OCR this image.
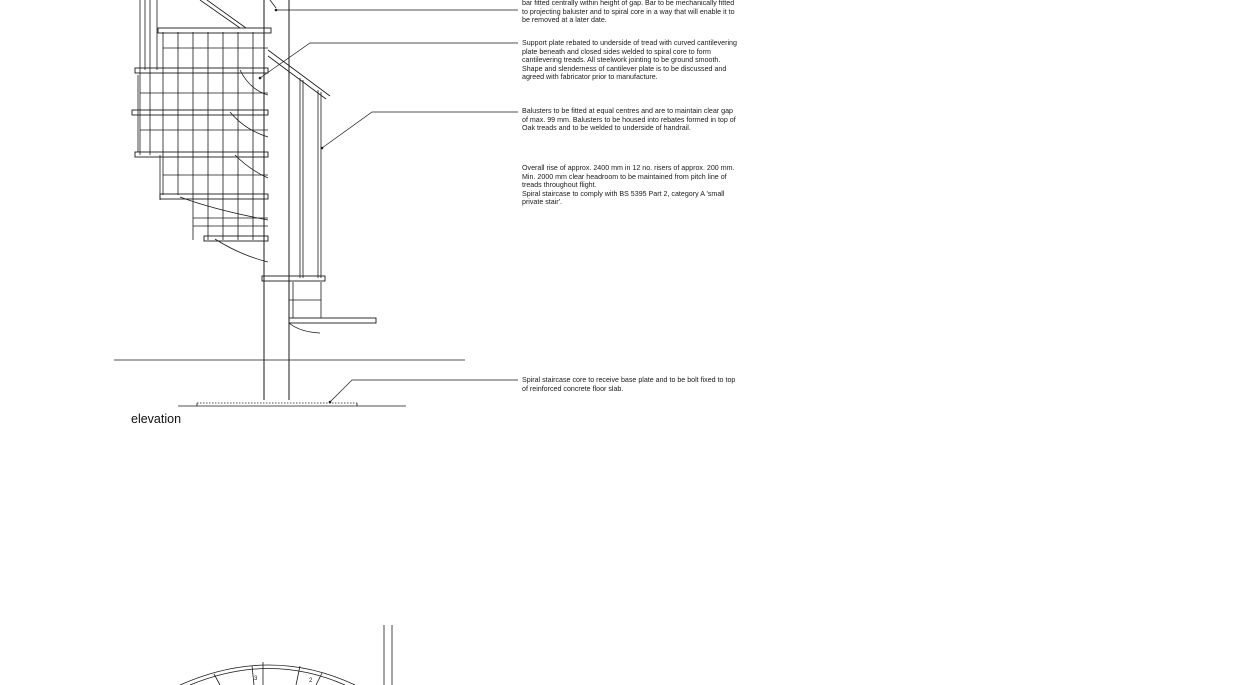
3	2

bar fitted centrally within height of gap. Bar to be mechanically fitted to projecting baluster and to spiral core in a way that will enable it to be removed at a later date.

Support plate rebated to underside of tread with curved cantilevering plate beneath and closed sides welded to spiral core to form cantilevering treads. All steelwork jointing to be ground smooth.
Shape and slenderness of cantilever plate is to be discussed and agreed with fabricator prior to manufacture.

Balusters to be fitted at equal centres and are to maintain clear gap of max. 99 mm. Balusters to be housed into rebates formed in top of Oak treads and to be welded to underside of handrail.

Overall rise of approx. 2400 mm in 12 no. risers of approx. 200 mm. Min. 2000 mm clear headroom to be maintained from pitch line of treads throughout flight.
Spiral staircase to comply with BS 5395 Part 2, category A 'small private stair'.

Spiral staircase core to receive base plate and to be bolt fixed to top of reinforced concrete floor slab.

elevation
